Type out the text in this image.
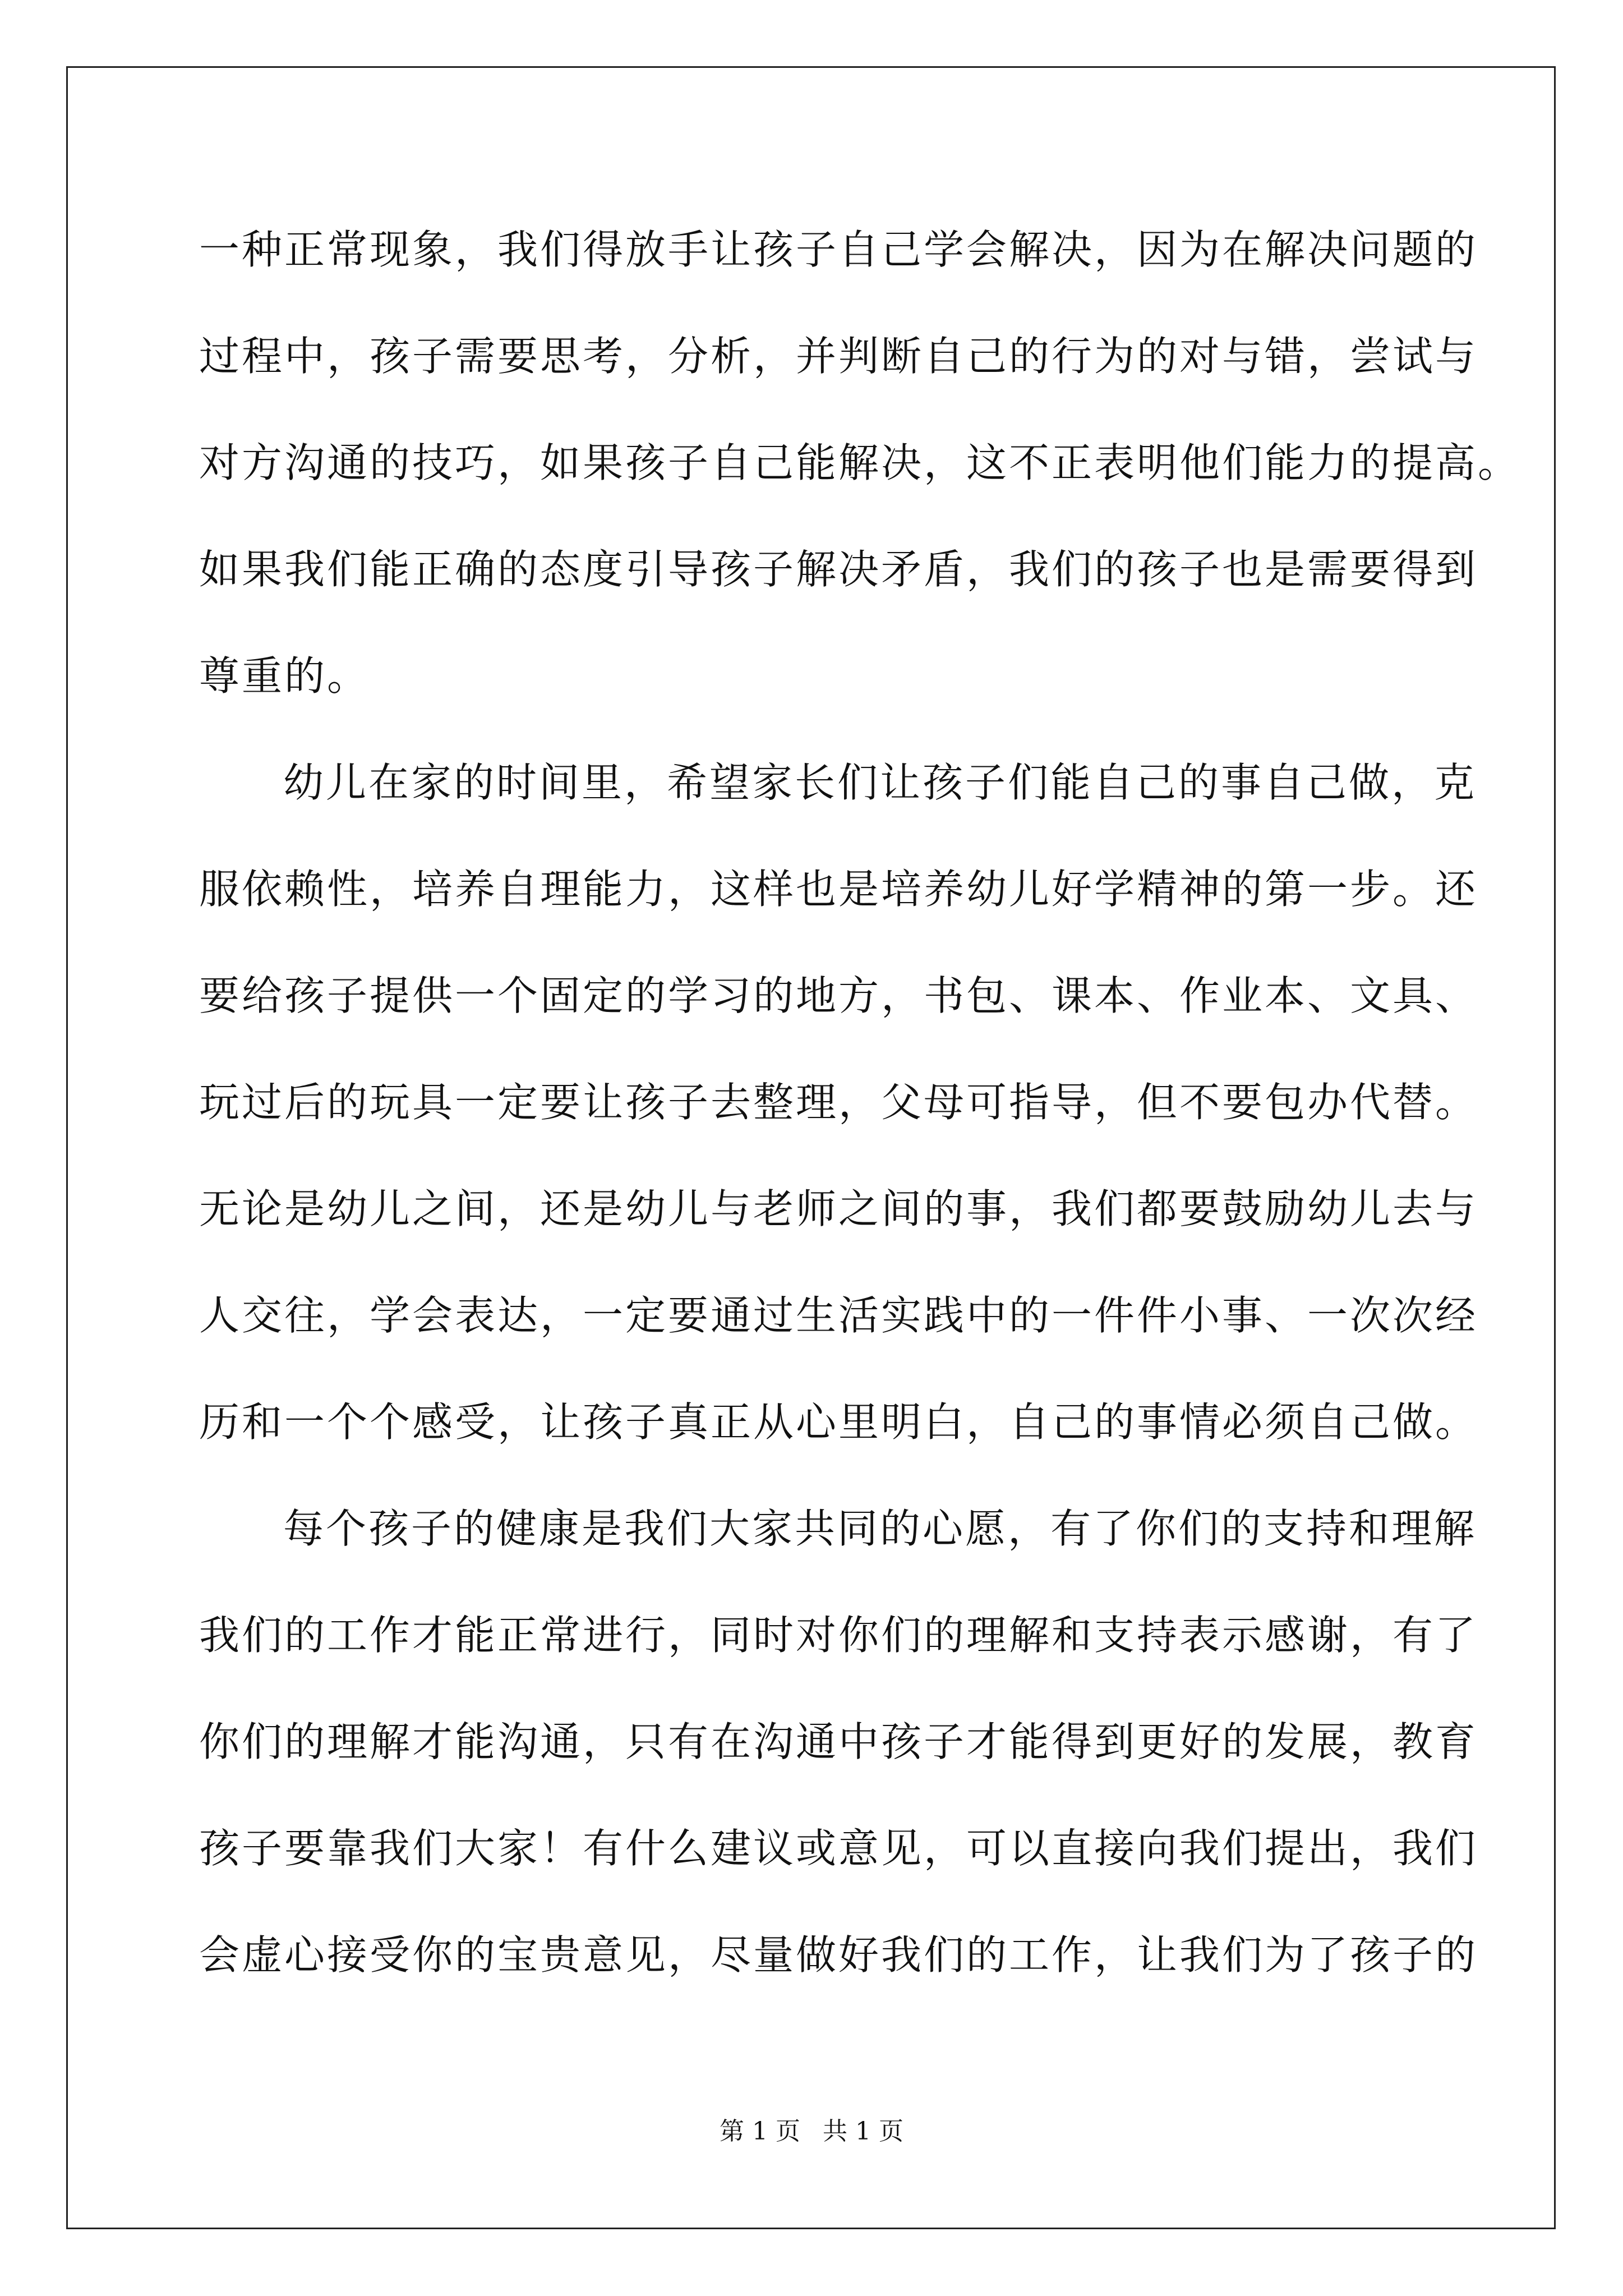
一种正常现象，我们得放手让孩子自己学会解决，因为在解决问题的
过程中，孩子需要思考，分析，并判断自己的行为的对与错，尝试与
对方沟通的技巧，如果孩子自己能解决，这不正表明他们能力的提高。
如果我们能正确的态度引导孩子解决矛盾，我们的孩子也是需要得到
尊重的。
幼儿在家的时间里，希望家长们让孩子们能自己的事自己做，克
服依赖性，培养自理能力，这样也是培养幼儿好学精神的第一步。还
要给孩子提供一个固定的学习的地方，书包、课本、作业本、文具、
玩过后的玩具一定要让孩子去整理，父母可指导，但不要包办代替。
无论是幼儿之间，还是幼儿与老师之间的事，我们都要鼓励幼儿去与
人交往，学会表达，一定要通过生活实践中的一件件小事、一次次经
历和一个个感受，让孩子真正从心里明白，自己的事情必须自己做。
每个孩子的健康是我们大家共同的心愿，有了你们的支持和理解
我们的工作才能正常进行，同时对你们的理解和支持表示感谢，有了
你们的理解才能沟通，只有在沟通中孩子才能得到更好的发展，教育
孩子要靠我们大家！有什么建议或意见，可以直接向我们提出，我们
会虚心接受你的宝贵意见，尽量做好我们的工作，让我们为了孩子的
第 1 页 共 1 页
